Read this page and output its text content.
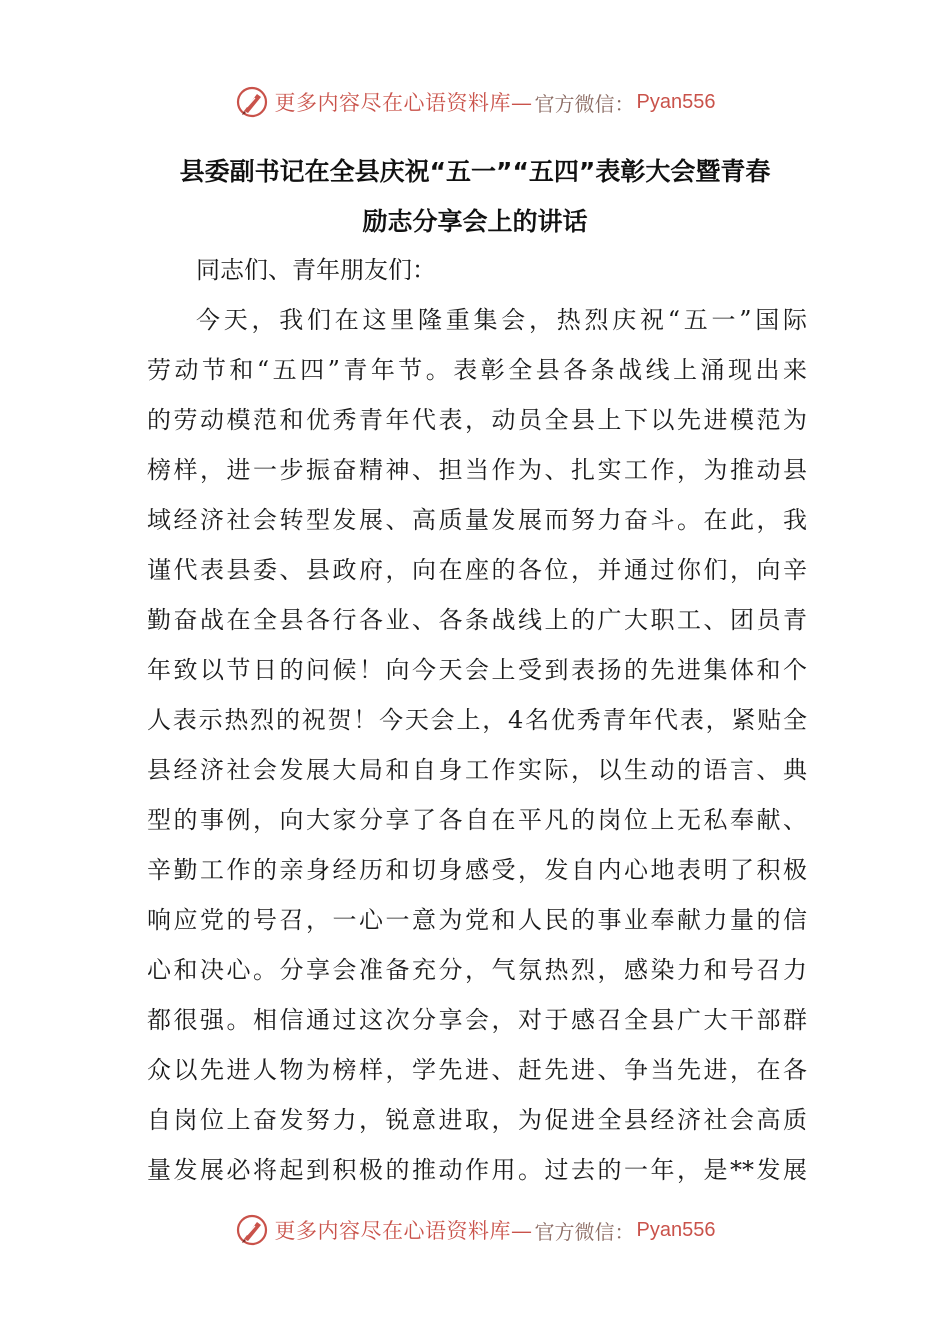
更多内容尽在心语资料库— 官方微信： Pyan556
县委副书记在全县庆祝“五一”“五四”表彰大会暨青春
励志分享会上的讲话
同志们、青年朋友们：
今天，我们在这里隆重集会，热烈庆祝“五一”国际
劳动节和“五四”青年节。表彰全县各条战线上涌现出来
的劳动模范和优秀青年代表，动员全县上下以先进模范为
榜样，进一步振奋精神、担当作为、扎实工作，为推动县
域经济社会转型发展、高质量发展而努力奋斗。在此，我
谨代表县委、县政府，向在座的各位，并通过你们，向辛
勤奋战在全县各行各业、各条战线上的广大职工、团员青
年致以节日的问候！向今天会上受到表扬的先进集体和个
人表示热烈的祝贺！今天会上，4名优秀青年代表，紧贴全
县经济社会发展大局和自身工作实际，以生动的语言、典
型的事例，向大家分享了各自在平凡的岗位上无私奉献、
辛勤工作的亲身经历和切身感受，发自内心地表明了积极
响应党的号召，一心一意为党和人民的事业奉献力量的信
心和决心。分享会准备充分，气氛热烈，感染力和号召力
都很强。相信通过这次分享会，对于感召全县广大干部群
众以先进人物为榜样，学先进、赶先进、争当先进，在各
自岗位上奋发努力，锐意进取，为促进全县经济社会高质
量发展必将起到积极的推动作用。过去的一年，是**发展
更多内容尽在心语资料库— 官方微信： Pyan556
